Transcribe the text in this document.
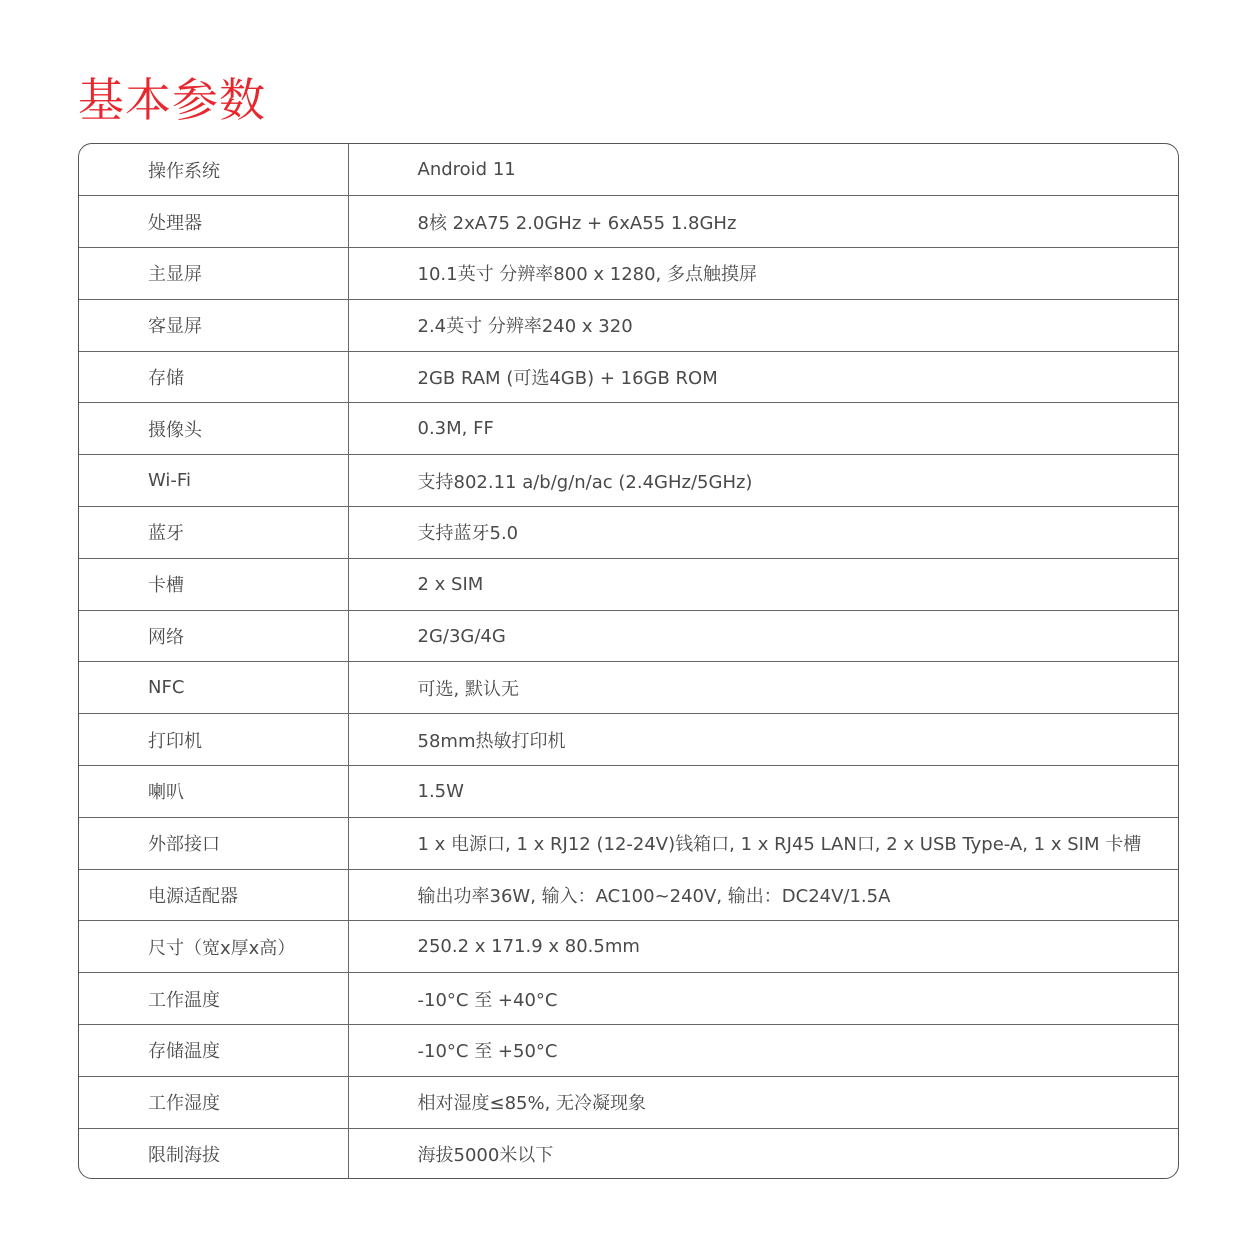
基本参数
操作系统	Android 11
处理器	8核 2xA75 2.0GHz + 6xA55 1.8GHz
主显屏	10.1英寸 分辨率800 x 1280, 多点触摸屏
客显屏	2.4英寸 分辨率240 x 320
存储	2GB RAM (可选4GB) + 16GB ROM
摄像头	0.3M, FF
Wi-Fi	支持802.11 a/b/g/n/ac (2.4GHz/5GHz)
蓝牙	支持蓝牙5.0
卡槽	2 x SIM
网络	2G/3G/4G
NFC	可选, 默认无
打印机	58mm热敏打印机
喇叭	1.5W
外部接口	1 x 电源口, 1 x RJ12 (12-24V)钱箱口, 1 x RJ45 LAN口, 2 x USB Type-A, 1 x SIM 卡槽
电源适配器	输出功率36W, 输入：AC100~240V, 输出：DC24V/1.5A
尺寸（宽x厚x高）	250.2 x 171.9 x 80.5mm
工作温度	-10°C 至 +40°C
存储温度	-10°C 至 +50°C
工作湿度	相对湿度≤85%, 无冷凝现象
限制海拔	海拔5000米以下
